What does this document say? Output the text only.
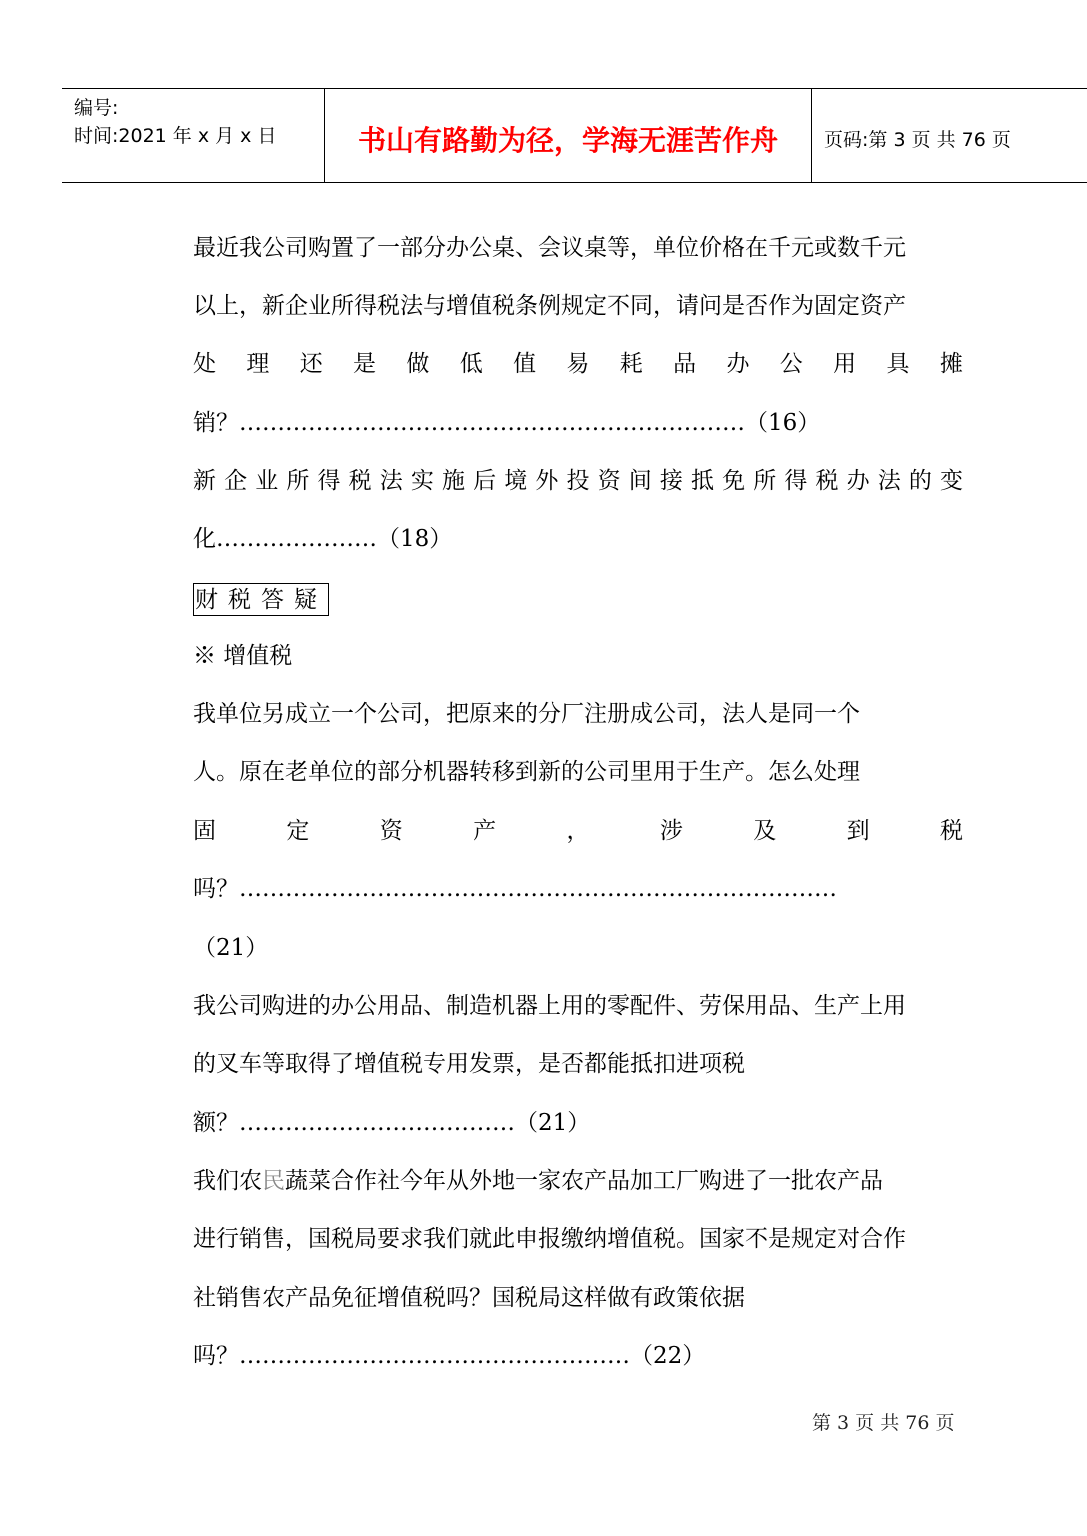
编号:
时间:2021 年 x 月 x 日	书山有路勤为径，学海无涯苦作舟	页码:第 3 页 共 76 页
最近我公司购置了一部分办公桌、会议桌等，单位价格在千元或数千元
以上，新企业所得税法与增值税条例规定不同，请问是否作为固定资产
处 理 还 是 做 低 值 易 耗 品 办 公 用 具 摊
销？…………………………………………………………（16）
新 企 业 所 得 税 法 实 施 后 境 外 投 资 间 接 抵 免 所 得 税 办 法 的 变
化…………………（18）
财税答疑
※ 增值税
我单位另成立一个公司，把原来的分厂注册成公司，法人是同一个
人。原在老单位的部分机器转移到新的公司里用于生产。怎么处理
固	定	资	产	，	涉	及	到	税
吗？……………………………………………………………………
（21）
我公司购进的办公用品、制造机器上用的零配件、劳保用品、生产上用
的叉车等取得了增值税专用发票，是否都能抵扣进项税
额？………………………………（21）
我们农民蔬菜合作社今年从外地一家农产品加工厂购进了一批农产品
进行销售，国税局要求我们就此申报缴纳增值税。国家不是规定对合作
社销售农产品免征增值税吗？国税局这样做有政策依据
吗？……………………………………………（22）
第 3 页 共 76 页
